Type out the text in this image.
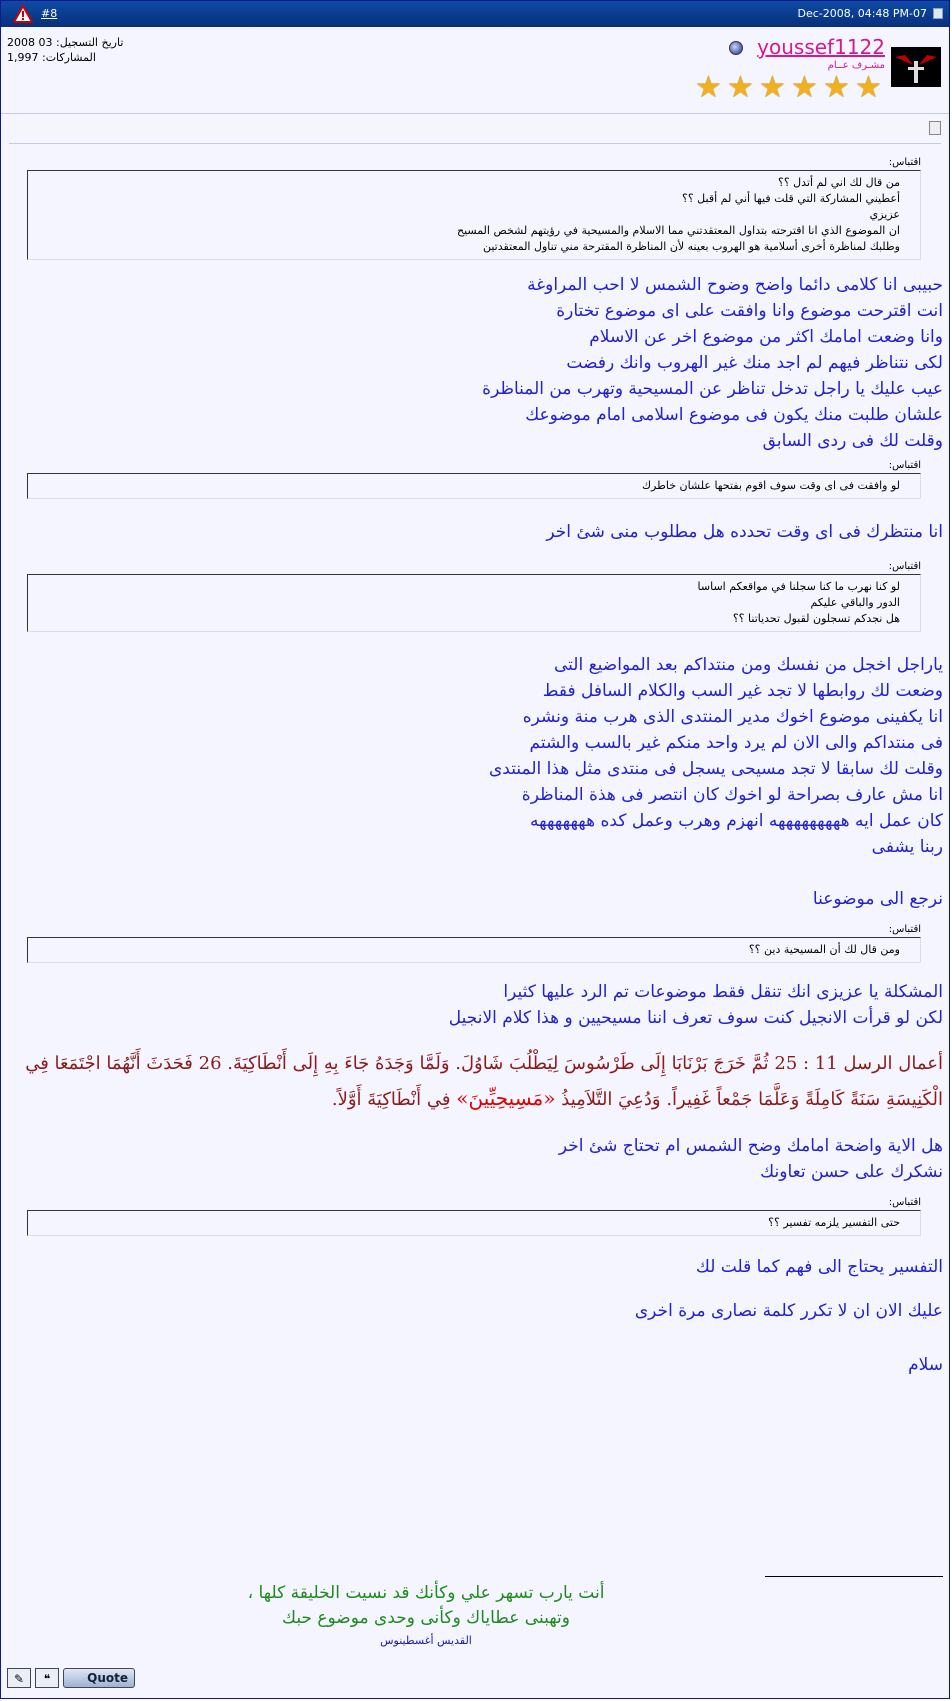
#8	Dec-2008, 04:48 PM-07
تاريخ التسجيل: 03 2008
المشاركات: 1,997	youssef1122
مشـرف عــام
★ ★ ★ ★ ★ ★
اقتباس:
من قال لك اني لم أتدل ؟؟
أعطيني المشاركة التي قلت فيها أني لم أقبل ؟؟
عزيزي
ان الموضوع الذي انا اقترحته بتداول المعتقدتني مما الاسلام والمسيحية في رؤيتهم لشخص المسيح
وطلبك لمناظرة أخرى أسلامية هو الهروب بعينه لأن المناظرة المقترحة مني تناول المعتقدتين
حبيبى انا كلامى دائما واضح وضوح الشمس لا احب المراوغة
انت اقترحت موضوع وانا وافقت على اى موضوع تختارة
وانا وضعت امامك اكثر من موضوع اخر عن الاسلام
لكى نتناظر فيهم لم اجد منك غير الهروب وانك رفضت
عيب عليك يا راجل تدخل تناظر عن المسيحية وتهرب من المناظرة
علشان طلبت منك يكون فى موضوع اسلامى امام موضوعك
وقلت لك فى ردى السابق
اقتباس:
لو وافقت فى اى وقت سوف اقوم بفتحها علشان خاطرك
انا منتظرك فى اى وقت تحدده هل مطلوب منى شئ اخر
اقتباس:
لو كنا نهرب ما كنا سجلنا في مواقعكم اساسا
الدور والباقي عليكم
هل نجدكم تسجلون لقبول تحدياتنا ؟؟
ياراجل اخجل من نفسك ومن منتداكم بعد المواضيع التى
وضعت لك روابطها لا تجد غير السب والكلام السافل فقط
انا يكفينى موضوع اخوك مدير المنتدى الذى هرب منة ونشره
فى منتداكم والى الان لم يرد واحد منكم غير بالسب والشتم
وقلت لك سابقا لا تجد مسيحى يسجل فى منتدى مثل هذا المنتدى
انا مش عارف بصراحة لو اخوك كان انتصر فى هذة المناظرة
كان عمل ايه هههههههههه انهزم وهرب وعمل كده هههههههه
ربنا يشفى
نرجع الى موضوعنا
اقتباس:
ومن قال لك أن المسيحية دين ؟؟
المشكلة يا عزيزى انك تنقل فقط موضوعات تم الرد عليها كثيرا
لكن لو قرأت الانجيل كنت سوف تعرف اننا مسيحيين و هذا كلام الانجيل
أعمال الرسل 11 : 25 ثُمَّ خَرَجَ بَرْنَابَا إِلَى طَرْسُوسَ لِيَطْلُبَ شَاوُلَ. وَلَمَّا وَجَدَهُ جَاءَ بِهِ إِلَى أَنْطَاكِيَةَ. 26 فَحَدَثَ أَنَّهُمَا اجْتَمَعَا فِي الْكَنِيسَةِ سَنَةً كَامِلَةً وَعَلَّمَا جَمْعاً غَفِيراً. وَدُعِيَ التَّلاَمِيذُ «مَسِيحِيِّينَ» فِي أَنْطَاكِيَةَ أَوَّلاً.
هل الاية واضحة امامك وضح الشمس ام تحتاج شئ اخر
نشكرك على حسن تعاونك
اقتباس:
حتى التفسير يلزمه تفسير ؟؟
التفسير يحتاج الى فهم كما قلت لك
عليك الان ان لا تكرر كلمة نصارى مرة اخرى
سلام
أنت يارب تسهر علي وكأنك قد نسيت الخليقة كلها ،
وتهبنى عطاياك وكأنى وحدى موضوع حبك
القديس أغسطينوس
✎	❝	Quote
